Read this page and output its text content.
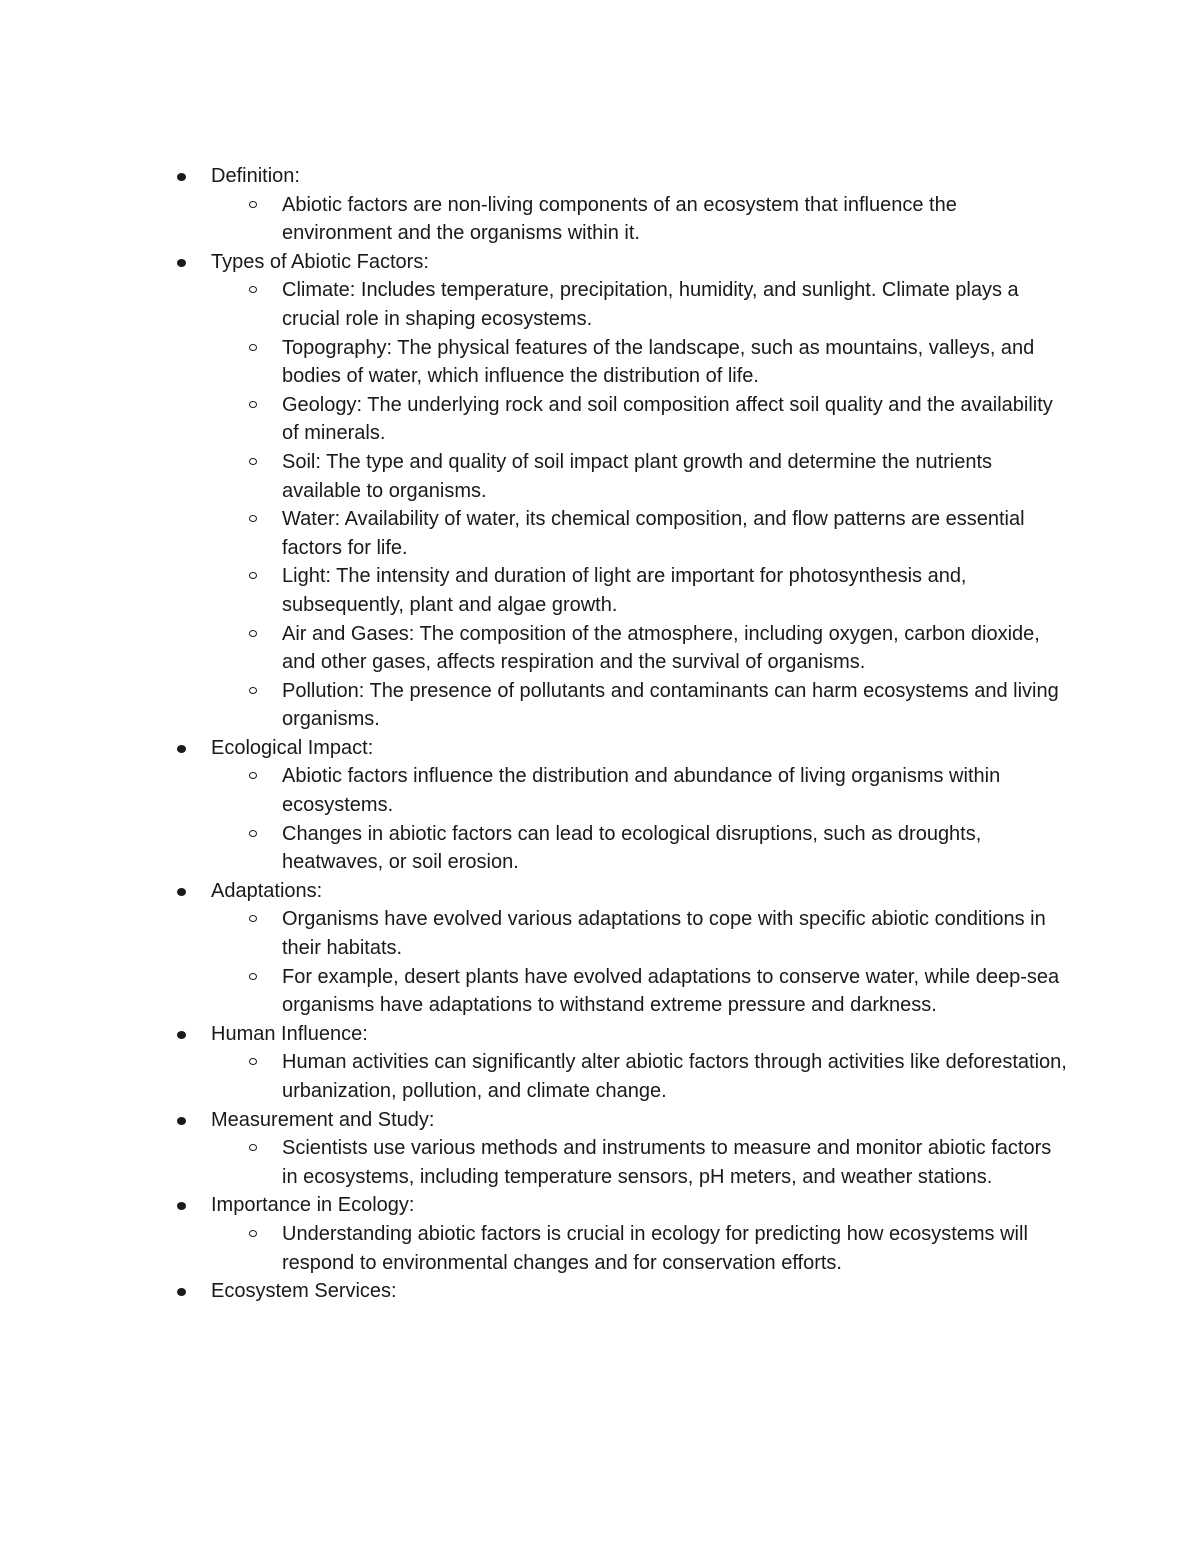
Definition:
Abiotic factors are non-living components of an ecosystem that influence the environment and the organisms within it.
Types of Abiotic Factors:
Climate: Includes temperature, precipitation, humidity, and sunlight. Climate plays a crucial role in shaping ecosystems.
Topography: The physical features of the landscape, such as mountains, valleys, and bodies of water, which influence the distribution of life.
Geology: The underlying rock and soil composition affect soil quality and the availability of minerals.
Soil: The type and quality of soil impact plant growth and determine the nutrients available to organisms.
Water: Availability of water, its chemical composition, and flow patterns are essential factors for life.
Light: The intensity and duration of light are important for photosynthesis and, subsequently, plant and algae growth.
Air and Gases: The composition of the atmosphere, including oxygen, carbon dioxide, and other gases, affects respiration and the survival of organisms.
Pollution: The presence of pollutants and contaminants can harm ecosystems and living organisms.
Ecological Impact:
Abiotic factors influence the distribution and abundance of living organisms within ecosystems.
Changes in abiotic factors can lead to ecological disruptions, such as droughts, heatwaves, or soil erosion.
Adaptations:
Organisms have evolved various adaptations to cope with specific abiotic conditions in their habitats.
For example, desert plants have evolved adaptations to conserve water, while deep-sea organisms have adaptations to withstand extreme pressure and darkness.
Human Influence:
Human activities can significantly alter abiotic factors through activities like deforestation, urbanization, pollution, and climate change.
Measurement and Study:
Scientists use various methods and instruments to measure and monitor abiotic factors in ecosystems, including temperature sensors, pH meters, and weather stations.
Importance in Ecology:
Understanding abiotic factors is crucial in ecology for predicting how ecosystems will respond to environmental changes and for conservation efforts.
Ecosystem Services:
